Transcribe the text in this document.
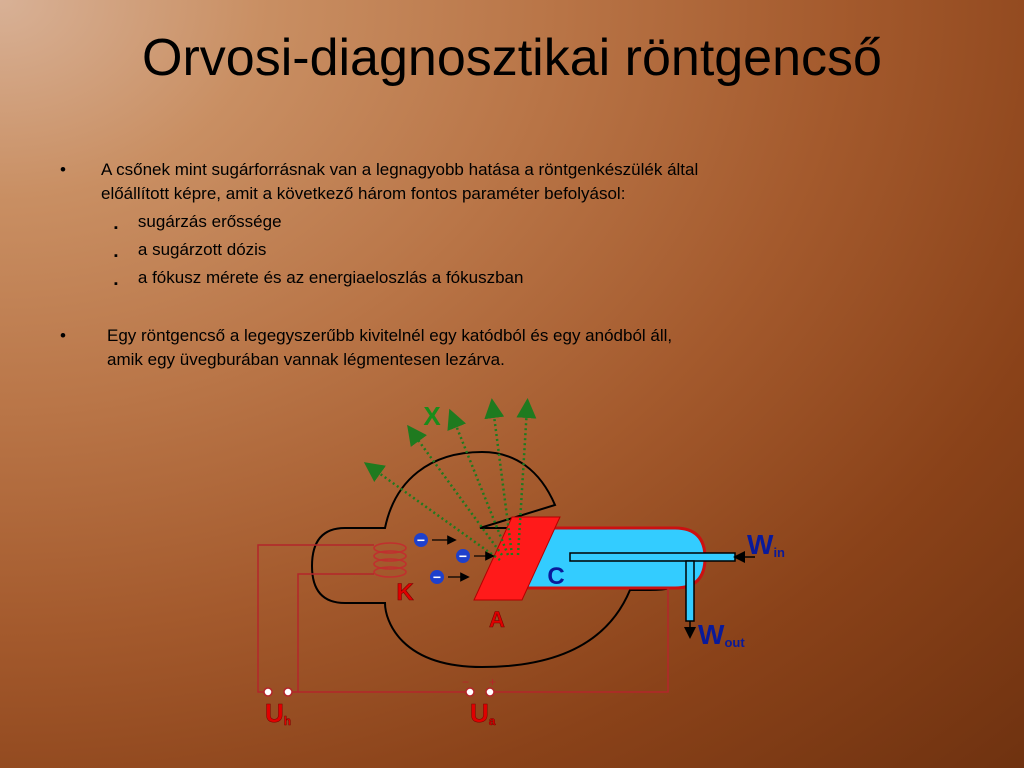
Orvosi-diagnosztikai röntgencső
• A csőnek mint sugárforrásnak van a legnagyobb hatása a röntgenkészülék által
előállított képre, amit a következő három fontos paraméter befolyásol:
▪ sugárzás erőssége
▪ a sugárzott dózis
▪ a fókusz mérete és az energiaeloszlás a fókuszban
• Egy röntgencső a legegyszerűbb kivitelnél egy katódból és egy anódból áll,
amik egy üvegburában vannak légmentesen lezárva.
−
−
−
− +
X
K
A
C
Win
Wout
Uh	Ua
